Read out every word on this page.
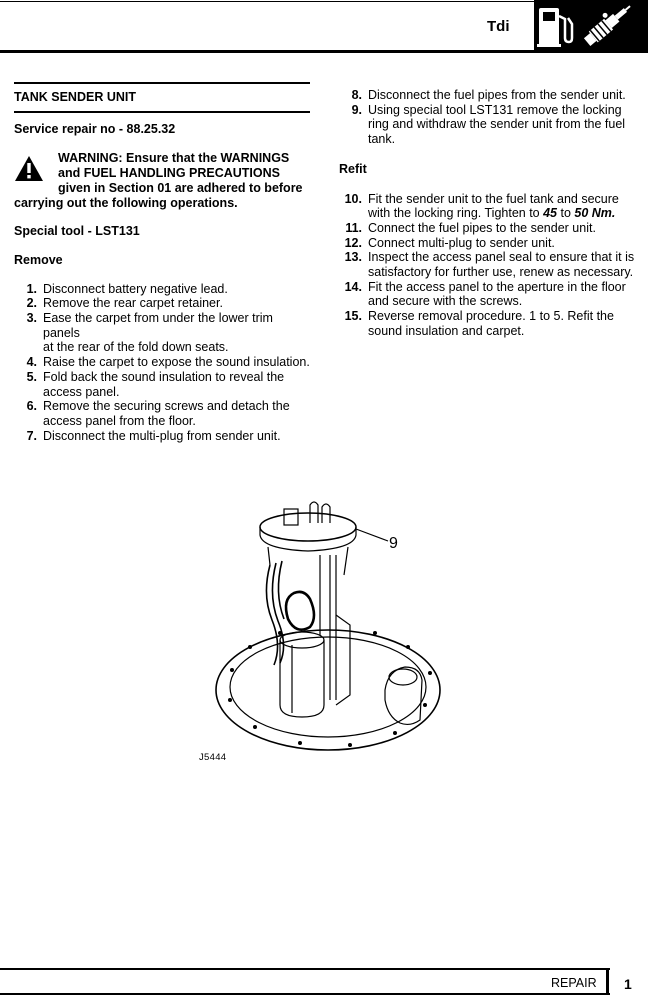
Tdi
TANK SENDER UNIT
Service repair no - 88.25.32
WARNING: Ensure that the WARNINGS
and FUEL HANDLING PRECAUTIONS
given in Section 01 are adhered to before
carrying out the following operations.
Special tool - LST131
Remove
1. Disconnect battery negative lead.
2. Remove the rear carpet retainer.
3. Ease the carpet from under the lower trim panels
at the rear of the fold down seats.
4. Raise the carpet to expose the sound insulation.
5. Fold back the sound insulation to reveal the
access panel.
6. Remove the securing screws and detach the
access panel from the floor.
7. Disconnect the multi-plug from sender unit.
8. Disconnect the fuel pipes from the sender unit.
9. Using special tool LST131 remove the locking
ring and withdraw the sender unit from the fuel
tank.
Refit
10. Fit the sender unit to the fuel tank and secure
with the locking ring. Tighten to 45 to 50 Nm.
11. Connect the fuel pipes to the sender unit.
12. Connect multi-plug to sender unit.
13. Inspect the access panel seal to ensure that it is
satisfactory for further use, renew as necessary.
14. Fit the access panel to the aperture in the floor
and secure with the screws.
15. Reverse removal procedure. 1 to 5. Refit the
sound insulation and carpet.
9
J5444
REPAIR 1
